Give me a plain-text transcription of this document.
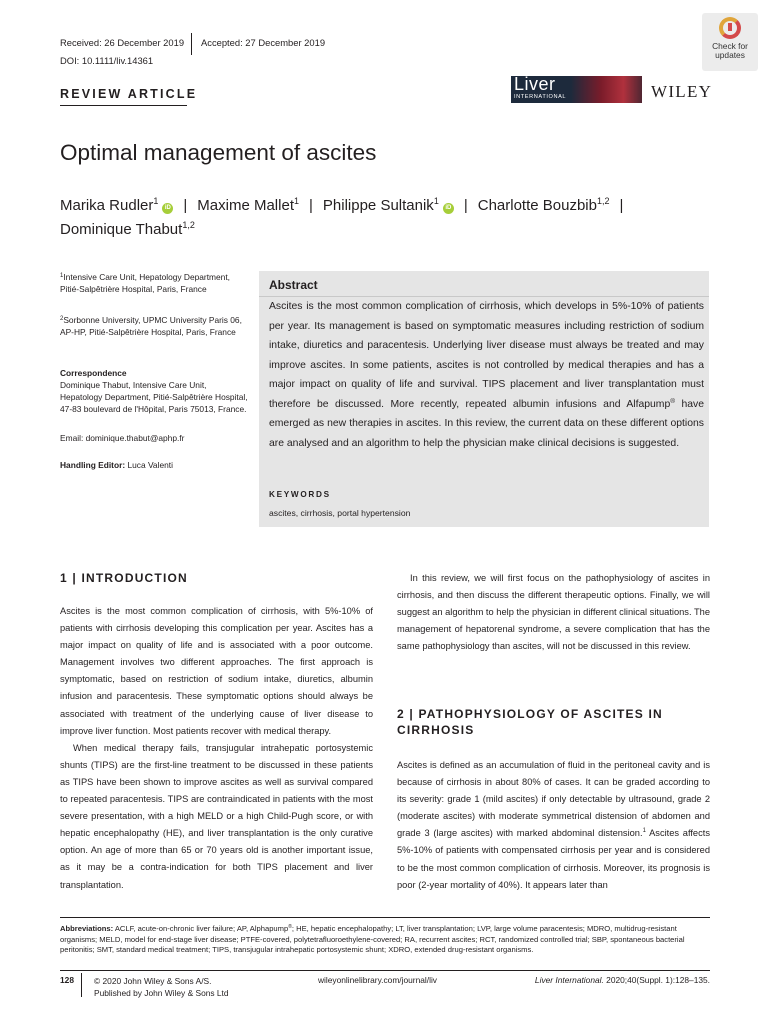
Received: 26 December 2019 Accepted: 27 December 2019
DOI: 10.1111/liv.14361
REVIEW ARTICLE
Check for
updates
Liver
INTERNATIONAL	WILEY
Optimal management of ascites
Marika Rudler$^1$iD | Maxime Mallet$^1$ | Philippe Sultanik$^1$iD | Charlotte Bouzbib$^{1,2}$ |
Dominique Thabut$^{1,2}$
$^1$Intensive Care Unit, Hepatology Department, Pitié-Salpêtrière Hospital, Paris, France
$^2$Sorbonne University, UPMC University Paris 06, AP-HP, Pitié-Salpêtrière Hospital, Paris, France
Correspondence
Dominique Thabut, Intensive Care Unit, Hepatology Department, Pitié-Salpêtrière Hospital, 47-83 boulevard de l'Hôpital, Paris 75013, France.
Email: dominique.thabut@aphp.fr
Handling Editor: Luca Valenti
Abstract
Ascites is the most common complication of cirrhosis, which develops in 5%-10% of patients per year. Its management is based on symptomatic measures including restriction of sodium intake, diuretics and paracentesis. Underlying liver disease must always be treated and may improve ascites. In some patients, ascites is not controlled by medical therapies and has a major impact on quality of life and survival. TIPS placement and liver transplantation must therefore be discussed. More recently, repeated albumin infusions and Alfapump® have emerged as new therapies in ascites. In this review, the current data on these different options are analysed and an algorithm to help the physician make clinical decisions is suggested.
KEYWORDS
ascites, cirrhosis, portal hypertension
1 | INTRODUCTION

Ascites is the most common complication of cirrhosis, with 5%-10% of patients with cirrhosis developing this complication per year. Ascites has a major impact on quality of life and is associated with a poor outcome. Management involves two different approaches. The first approach is symptomatic, based on restriction of sodium intake, diuretics, albumin infusion and paracentesis. These symptomatic options should always be associated with treatment of the underlying cause of liver disease to improve liver function. Most patients recover with medical therapy.

When medical therapy fails, transjugular intrahepatic portosystemic shunts (TIPS) are the first-line treatment to be discussed in these patients as TIPS have been shown to improve ascites as well as survival compared to repeated paracentesis. TIPS are contraindicated in patients with the most severe presentation, with a high MELD or a high Child-Pugh score, or with hepatic encephalopathy (HE), and liver transplantation is the only curative option. An age of more than 65 or 70 years old is another important issue, as it may be a contra-indication for both TIPS placement and liver transplantation.

In this review, we will first focus on the pathophysiology of ascites in cirrhosis, and then discuss the different therapeutic options. Finally, we will suggest an algorithm to help the physician in different clinical situations. The management of hepatorenal syndrome, a severe complication that has the same pathophysiology than ascites, will not be discussed in this review.

2 | PATHOPHYSIOLOGY OF ASCITES IN CIRRHOSIS

Ascites is defined as an accumulation of fluid in the peritoneal cavity and is because of cirrhosis in about 80% of cases. It can be graded according to its severity: grade 1 (mild ascites) if only detectable by ultrasound, grade 2 (moderate ascites) with moderate symmetrical distension of abdomen and grade 3 (large ascites) with marked abdominal distension.$^1$ Ascites affects 5%-10% of patients with compensated cirrhosis per year and is considered to be the most common complication of cirrhosis. Moreover, its prognosis is poor (2-year mortality of 40%). It appears later than

Abbreviations: ACLF, acute-on-chronic liver failure; AP, Alphapump®; HE, hepatic encephalopathy; LT, liver transplantation; LVP, large volume paracentesis; MDRO, multidrug-resistant organisms; MELD, model for end-stage liver disease; PTFE-covered, polytetrafluoroethylene-covered; RA, recurrent ascites; RCT, randomized controlled trial; SBP, spontaneous bacterial peritonitis; SMT, standard medical treatment; TIPS, transjugular intrahepatic portosystemic shunt; XDRO, extended drug-resistant organisms.
128 © 2020 John Wiley & Sons A/S.
Published by John Wiley & Sons Ltd
wileyonlinelibrary.com/journal/liv	Liver International. 2020;40(Suppl. 1):128–135.
